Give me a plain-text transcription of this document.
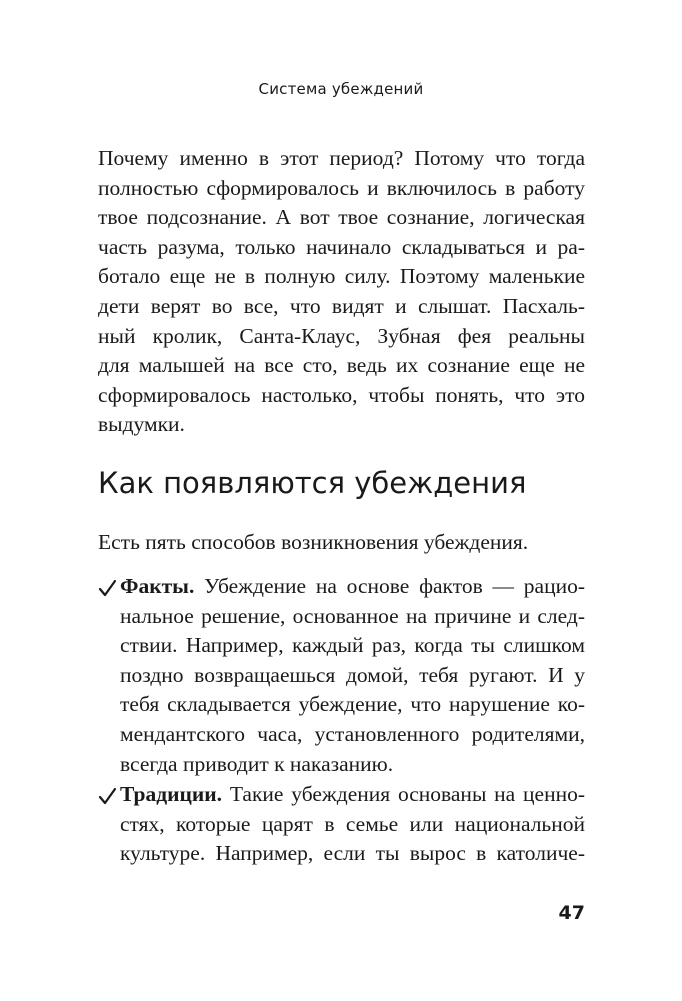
Система убеждений
Почему именно в этот период? Потому что тогда
полностью сформировалось и включилось в работу
твое подсознание. А вот твое сознание, логическая
часть разума, только начинало складываться и ра-
ботало еще не в полную силу. Поэтому маленькие
дети верят во все, что видят и слышат. Пасхаль-
ный кролик, Санта-Клаус, Зубная фея реальны
для малышей на все сто, ведь их сознание еще не
сформировалось настолько, чтобы понять, что это
выдумки.
Как появляются убеждения
Есть пять способов возникновения убеждения.
Факты. Убеждение на основе фактов — рацио-
нальное решение, основанное на причине и след-
ствии. Например, каждый раз, когда ты слишком
поздно возвращаешься домой, тебя ругают. И у
тебя складывается убеждение, что нарушение ко-
мендантского часа, установленного родителями,
всегда приводит к наказанию.
Традиции. Такие убеждения основаны на ценно-
стях, которые царят в семье или национальной
культуре. Например, если ты вырос в католиче-
47
